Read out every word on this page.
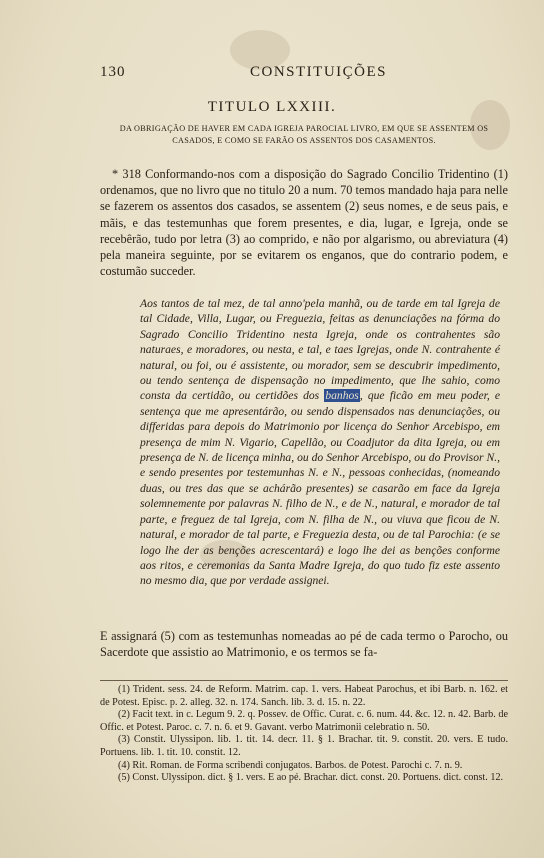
130	CONSTITUIÇÕES
TITULO LXXIII.
DA OBRIGAÇÃO DE HAVER EM CADA IGREJA PAROCIAL LIVRO, EM QUE SE ASSENTEM OS CASADOS, E COMO SE FARÃO OS ASSENTOS DOS CASAMENTOS.

* 318 Conformando-nos com a disposição do Sagrado Concilio Tridentino (1) ordenamos, que no livro que no titulo 20 a num. 70 temos mandado haja para nelle se fazerem os assentos dos casados, se assentem (2) seus nomes, e de seus pais, e mãis, e das testemunhas que forem presentes, e dia, lugar, e Igreja, onde se recebêrão, tudo por letra (3) ao comprido, e não por algarismo, ou abreviatura (4) pela maneira seguinte, por se evitarem os enganos, que do contrario podem, e costumão succeder.

Aos tantos de tal mez, de tal anno'pela manhã, ou de tarde em tal Igreja de tal Cidade, Villa, Lugar, ou Freguezia, feitas as denunciações na fórma do Sagrado Concilio Tridentino nesta Igreja, onde os contrahentes são naturaes, e moradores, ou nesta, e tal, e taes Igrejas, onde N. contrahente é natural, ou foi, ou é assistente, ou morador, sem se descubrir impedimento, ou tendo sentença de dispensação no impedimento, que lhe sahio, como consta da certidão, ou certidões dos banhos, que ficão em meu poder, e sentença que me apresentárão, ou sendo dispensados nas denunciações, ou differidas para depois do Matrimonio por licença do Senhor Arcebispo, em presença de mim N. Vigario, Capellão, ou Coadjutor da dita Igreja, ou em presença de N. de licença minha, ou do Senhor Arcebispo, ou do Provisor N., e sendo presentes por testemunhas N. e N., pessoas conhecidas, (nomeando duas, ou tres das que se achárão presentes) se casarão em face da Igreja solemnemente por palavras N. filho de N., e de N., natural, e morador de tal parte, e freguez de tal Igreja, com N. filha de N., ou viuva que ficou de N. natural, e morador de tal parte, e Freguezia desta, ou de tal Parochia: (e se logo lhe der as benções acrescentará) e logo lhe dei as benções conforme aos ritos, e ceremonias da Santa Madre Igreja, do quo tudo fiz este assento no mesmo dia, que por verdade assignei.

E assignará (5) com as testemunhas nomeadas ao pé de cada termo o Parocho, ou Sacerdote que assistio ao Matrimonio, e os termos se fa-

(1) Trident. sess. 24. de Reform. Matrim. cap. 1. vers. Habeat Parochus, et ibi Barb. n. 162. et de Potest. Episc. p. 2. alleg. 32. n. 174. Sanch. lib. 3. d. 15. n. 22.

(2) Facit text. in c. Legum 9. 2. q. Possev. de Offic. Curat. c. 6. num. 44. &c. 12. n. 42. Barb. de Offic. et Potest. Paroc. c. 7. n. 6. et 9. Gavant. verbo Matrimonii celebratio n. 50.

(3) Constit. Ulyssipon. lib. 1. tit. 14. decr. 11. § 1. Brachar. tit. 9. constit. 20. vers. E tudo. Portuens. lib. 1. tit. 10. constit. 12.

(4) Rit. Roman. de Forma scribendi conjugatos. Barbos. de Potest. Parochi c. 7. n. 9.

(5) Const. Ulyssipon. dict. § 1. vers. E ao pé. Brachar. dict. const. 20. Portuens. dict. const. 12.
